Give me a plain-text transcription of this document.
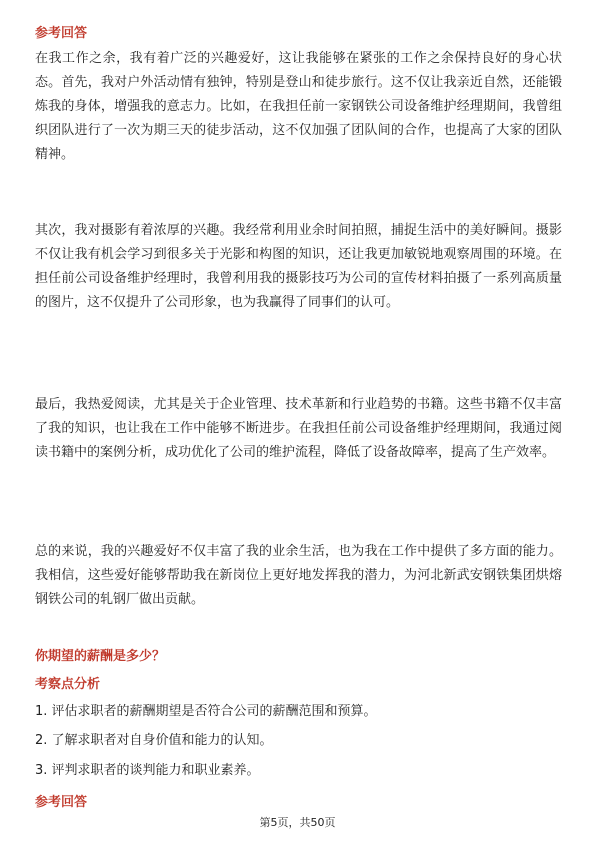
参考回答

在我工作之余，我有着广泛的兴趣爱好，这让我能够在紧张的工作之余保持良好的身心状态。首先，我对户外活动情有独钟，特别是登山和徒步旅行。这不仅让我亲近自然，还能锻炼我的身体，增强我的意志力。比如，在我担任前一家钢铁公司设备维护经理期间，我曾组织团队进行了一次为期三天的徒步活动，这不仅加强了团队间的合作，也提高了大家的团队精神。

其次，我对摄影有着浓厚的兴趣。我经常利用业余时间拍照，捕捉生活中的美好瞬间。摄影不仅让我有机会学习到很多关于光影和构图的知识，还让我更加敏锐地观察周围的环境。在担任前公司设备维护经理时，我曾利用我的摄影技巧为公司的宣传材料拍摄了一系列高质量的图片，这不仅提升了公司形象，也为我赢得了同事们的认可。

最后，我热爱阅读，尤其是关于企业管理、技术革新和行业趋势的书籍。这些书籍不仅丰富了我的知识，也让我在工作中能够不断进步。在我担任前公司设备维护经理期间，我通过阅读书籍中的案例分析，成功优化了公司的维护流程，降低了设备故障率，提高了生产效率。

总的来说，我的兴趣爱好不仅丰富了我的业余生活，也为我在工作中提供了多方面的能力。我相信，这些爱好能够帮助我在新岗位上更好地发挥我的潜力，为河北新武安钢铁集团烘熔钢铁公司的轧钢厂做出贡献。

你期望的薪酬是多少？
考察点分析
1. 评估求职者的薪酬期望是否符合公司的薪酬范围和预算。
2. 了解求职者对自身价值和能力的认知。
3. 评判求职者的谈判能力和职业素养。
参考回答
第5页，共50页
